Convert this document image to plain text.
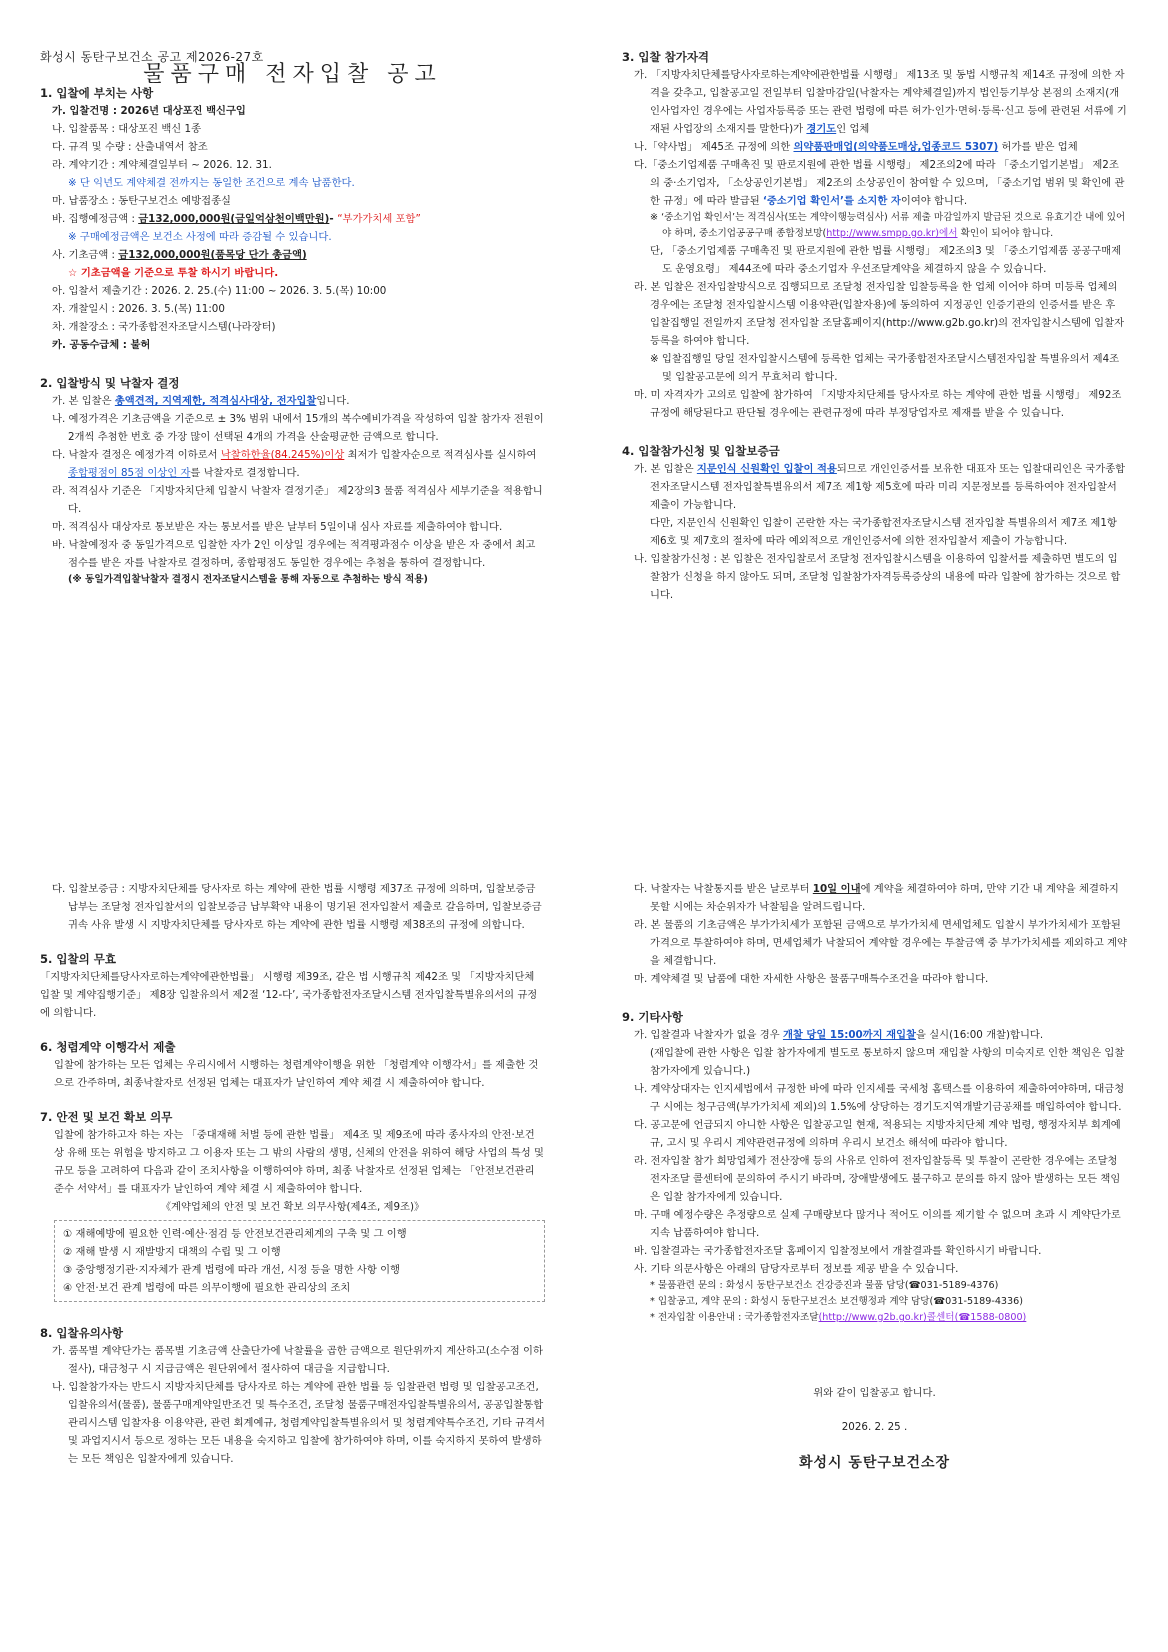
화성시 동탄구보건소 공고 제2026-27호

물품구매 전자입찰 공고

1. 입찰에 부치는 사항

가. 입찰건명 : 2026년 대상포진 백신구입

나. 입찰품목 : 대상포진 백신 1종

다. 규격 및 수량 : 산출내역서 참조

라. 계약기간 : 계약체결일부터 ~ 2026. 12. 31.

※ 단 익년도 계약체결 전까지는 동일한 조건으로 계속 납품한다.

마. 납품장소 : 동탄구보건소 예방접종실

바. 집행예정금액 : 금132,000,000원(금일억삼천이백만원)- “부가가치세 포함”

※ 구매예정금액은 보건소 사정에 따라 증감될 수 있습니다.

사. 기초금액 : 금132,000,000원(품목당 단가 총금액)

☆ 기초금액을 기준으로 투찰 하시기 바랍니다.

아. 입찰서 제출기간 : 2026. 2. 25.(수) 11:00 ~ 2026. 3. 5.(목) 10:00

자. 개찰일시 : 2026. 3. 5.(목) 11:00

차. 개찰장소 : 국가종합전자조달시스템(나라장터)

카. 공동수급체 : 불허

2. 입찰방식 및 낙찰자 결정

가. 본 입찰은 총액견적, 지역제한, 적격심사대상, 전자입찰입니다.

나. 예정가격은 기초금액을 기준으로 ± 3% 범위 내에서 15개의 복수예비가격을 작성하여 입찰 참가자 전원이 2개씩 추첨한 번호 중 가장 많이 선택된 4개의 가격을 산술평균한 금액으로 합니다.

다. 낙찰자 결정은 예정가격 이하로서 낙찰하한율(84.245%)이상 최저가 입찰자순으로 적격심사를 실시하여 종합평점이 85점 이상인 자를 낙찰자로 결정합니다.

라. 적격심사 기준은 「지방자치단체 입찰시 낙찰자 결정기준」 제2장의3 물품 적격심사 세부기준을 적용합니다.

마. 적격심사 대상자로 통보받은 자는 통보서를 받은 날부터 5일이내 심사 자료를 제출하여야 합니다.

바. 낙찰예정자 중 동일가격으로 입찰한 자가 2인 이상일 경우에는 적격평과점수 이상을 받은 자 중에서 최고점수를 받은 자를 낙찰자로 결정하며, 종합평점도 동일한 경우에는 추첨을 통하여 결정합니다.

(※ 동일가격입찰낙찰자 결정시 전자조달시스템을 통해 자동으로 추첨하는 방식 적용)

3. 입찰 참가자격

가. 「지방자치단체를당사자로하는계약에관한법률 시행령」 제13조 및 동법 시행규칙 제14조 규정에 의한 자격을 갖추고, 입찰공고일 전일부터 입찰마감일(낙찰자는 계약체결일)까지 법인등기부상 본점의 소재지(개인사업자인 경우에는 사업자등록증 또는 관련 법령에 따른 허가·인가·면허·등록·신고 등에 관련된 서류에 기재된 사업장의 소재지를 말한다)가 경기도인 업체

나.「약사법」 제45조 규정에 의한 의약품판매업(의약품도매상,업종코드 5307) 허가를 받은 업체

다.「중소기업제품 구매촉진 및 판로지원에 관한 법률 시행령」 제2조의2에 따라 「중소기업기본법」 제2조의 중·소기업자, 「소상공인기본법」 제2조의 소상공인이 참여할 수 있으며, 「중소기업 범위 및 확인에 관한 규정」에 따라 발급된 ‘중소기업 확인서’를 소지한 자이여야 합니다.

※ ‘중소기업 확인서’는 적격심사(또는 계약이행능력심사) 서류 제출 마감일까지 발급된 것으로 유효기간 내에 있어야 하며, 중소기업공공구매 종합정보망(http://www.smpp.go.kr)에서 확인이 되어야 합니다.

단, 「중소기업제품 구매촉진 및 판로지원에 관한 법률 시행령」 제2조의3 및 「중소기업제품 공공구매제도 운영요령」 제44조에 따라 중소기업자 우선조달계약을 체결하지 않을 수 있습니다.

라. 본 입찰은 전자입찰방식으로 집행되므로 조달청 전자입찰 입찰등록을 한 업체 이어야 하며 미등록 업체의 경우에는 조달청 전자입찰시스템 이용약관(입찰자용)에 동의하여 지정공인 인증기관의 인증서를 받은 후 입찰집행일 전일까지 조달청 전자입찰 조달홈페이지(http://www.g2b.go.kr)의 전자입찰시스템에 입찰자 등록을 하여야 합니다.

※ 입찰집행일 당일 전자입찰시스템에 등록한 업체는 국가종합전자조달시스템전자입찰 특별유의서 제4조 및 입찰공고문에 의거 무효처리 합니다.

마. 미 자격자가 고의로 입찰에 참가하여 「지방자치단체를 당사자로 하는 계약에 관한 법률 시행령」 제92조 규정에 해당된다고 판단될 경우에는 관련규정에 따라 부정당업자로 제재를 받을 수 있습니다.

4. 입찰참가신청 및 입찰보증금

가. 본 입찰은 지문인식 신원확인 입찰이 적용되므로 개인인증서를 보유한 대표자 또는 입찰대리인은 국가종합전자조달시스템 전자입찰특별유의서 제7조 제1항 제5호에 따라 미리 지문정보를 등록하여야 전자입찰서 제출이 가능합니다.

다만, 지문인식 신원확인 입찰이 곤란한 자는 국가종합전자조달시스템 전자입찰 특별유의서 제7조 제1항 제6호 및 제7호의 절차에 따라 예외적으로 개인인증서에 의한 전자입찰서 제출이 가능합니다.

나. 입찰참가신청 : 본 입찰은 전자입찰로서 조달청 전자입찰시스템을 이용하여 입찰서를 제출하면 별도의 입찰참가 신청을 하지 않아도 되며, 조달청 입찰참가자격등록증상의 내용에 따라 입찰에 참가하는 것으로 합니다.

다. 입찰보증금 : 지방자치단체를 당사자로 하는 계약에 관한 법률 시행령 제37조 규정에 의하며, 입찰보증금 납부는 조달청 전자입찰서의 입찰보증금 납부확약 내용이 명기된 전자입찰서 제출로 갈음하며, 입찰보증금 귀속 사유 발생 시 지방자치단체를 당사자로 하는 계약에 관한 법률 시행령 제38조의 규정에 의합니다.

5. 입찰의 무효

「지방자치단체를당사자로하는계약에관한법률」 시행령 제39조, 같은 법 시행규칙 제42조 및 「지방자치단체 입찰 및 계약집행기준」 제8장 입찰유의서 제2절 ‘12-다’, 국가종합전자조달시스템 전자입찰특별유의서의 규정에 의합니다.

6. 청렴계약 이행각서 제출

입찰에 참가하는 모든 업체는 우리시에서 시행하는 청렴계약이행을 위한 「청렴계약 이행각서」를 제출한 것으로 간주하며, 최종낙찰자로 선정된 업체는 대표자가 날인하여 계약 체결 시 제출하여야 합니다.

7. 안전 및 보건 확보 의무

입찰에 참가하고자 하는 자는 「중대재해 처벌 등에 관한 법률」 제4조 및 제9조에 따라 종사자의 안전·보건 상 유해 또는 위험을 방지하고 그 이용자 또는 그 밖의 사람의 생명, 신체의 안전을 위하여 해당 사업의 특성 및 규모 등을 고려하여 다음과 같이 조치사항을 이행하여야 하며, 최종 낙찰자로 선정된 업체는 「안전보건관리 준수 서약서」를 대표자가 날인하여 계약 체결 시 제출하여야 합니다.

《계약업체의 안전 및 보건 확보 의무사항(제4조, 제9조)》

① 재해예방에 필요한 인력·예산·점검 등 안전보건관리체계의 구축 및 그 이행

② 재해 발생 시 재발방지 대책의 수립 및 그 이행

③ 중앙행정기관·지자체가 관계 법령에 따라 개선, 시정 등을 명한 사항 이행

④ 안전·보건 관계 법령에 따른 의무이행에 필요한 관리상의 조치

8. 입찰유의사항

가. 품목별 계약단가는 품목별 기초금액 산출단가에 낙찰률을 곱한 금액으로 원단위까지 계산하고(소수점 이하 절사), 대금청구 시 지급금액은 원단위에서 절사하여 대금을 지급합니다.

나. 입찰참가자는 반드시 지방자치단체를 당사자로 하는 계약에 관한 법률 등 입찰관련 법령 및 입찰공고조건, 입찰유의서(물품), 물품구매계약일반조건 및 특수조건, 조달청 물품구매전자입찰특별유의서, 공공입찰통합관리시스템 입찰자용 이용약관, 관련 회계예규, 청렴계약입찰특별유의서 및 청렴계약특수조건, 기타 규격서 및 과업지시서 등으로 정하는 모든 내용을 숙지하고 입찰에 참가하여야 하며, 이를 숙지하지 못하여 발생하는 모든 책임은 입찰자에게 있습니다.

다. 낙찰자는 낙찰통지를 받은 날로부터 10일 이내에 계약을 체결하여야 하며, 만약 기간 내 계약을 체결하지 못할 시에는 차순위자가 낙찰됨을 알려드립니다.

라. 본 물품의 기초금액은 부가가치세가 포함된 금액으로 부가가치세 면세업체도 입찰시 부가가치세가 포함된 가격으로 투찰하여야 하며, 면세업체가 낙찰되어 계약할 경우에는 투찰금액 중 부가가치세를 제외하고 계약을 체결합니다.

마. 계약체결 및 납품에 대한 자세한 사항은 물품구매특수조건을 따라야 합니다.

9. 기타사항

가. 입찰결과 낙찰자가 없을 경우 개찰 당일 15:00까지 재입찰을 실시(16:00 개찰)합니다.

(재입찰에 관한 사항은 입찰 참가자에게 별도로 통보하지 않으며 재입찰 사항의 미숙지로 인한 책임은 입찰 참가자에게 있습니다.)

나. 계약상대자는 인지세법에서 규정한 바에 따라 인지세를 국세청 홈택스를 이용하여 제출하여야하며, 대금청구 시에는 청구금액(부가가치세 제외)의 1.5%에 상당하는 경기도지역개발기금공채를 매입하여야 합니다.

다. 공고문에 언급되지 아니한 사항은 입찰공고일 현재, 적용되는 지방자치단체 계약 법령, 행정자치부 회계예규, 고시 및 우리시 계약관련규정에 의하며 우리시 보건소 해석에 따라야 합니다.

라. 전자입찰 참가 희망업체가 전산장애 등의 사유로 인하여 전자입찰등록 및 투찰이 곤란한 경우에는 조달청 전자조달 콜센터에 문의하여 주시기 바라며, 장애발생에도 불구하고 문의를 하지 않아 발생하는 모든 책임은 입찰 참가자에게 있습니다.

마. 구매 예정수량은 추정량으로 실제 구매량보다 많거나 적어도 이의를 제기할 수 없으며 초과 시 계약단가로 지속 납품하여야 합니다.

바. 입찰결과는 국가종합전자조달 홈페이지 입찰정보에서 개찰결과를 확인하시기 바랍니다.

사. 기타 의문사항은 아래의 담당자로부터 정보를 제공 받을 수 있습니다.

* 물품관련 문의 : 화성시 동탄구보건소 건강증진과 물품 담당(☎031-5189-4376)

* 입찰공고, 계약 문의 : 화성시 동탄구보건소 보건행정과 계약 담당(☎031-5189-4336)

* 전자입찰 이용안내 : 국가종합전자조달(http://www.g2b.go.kr)콜센터(☎1588-0800)

위와 같이 입찰공고 합니다.

2026. 2. 25 .

화성시 동탄구보건소장
